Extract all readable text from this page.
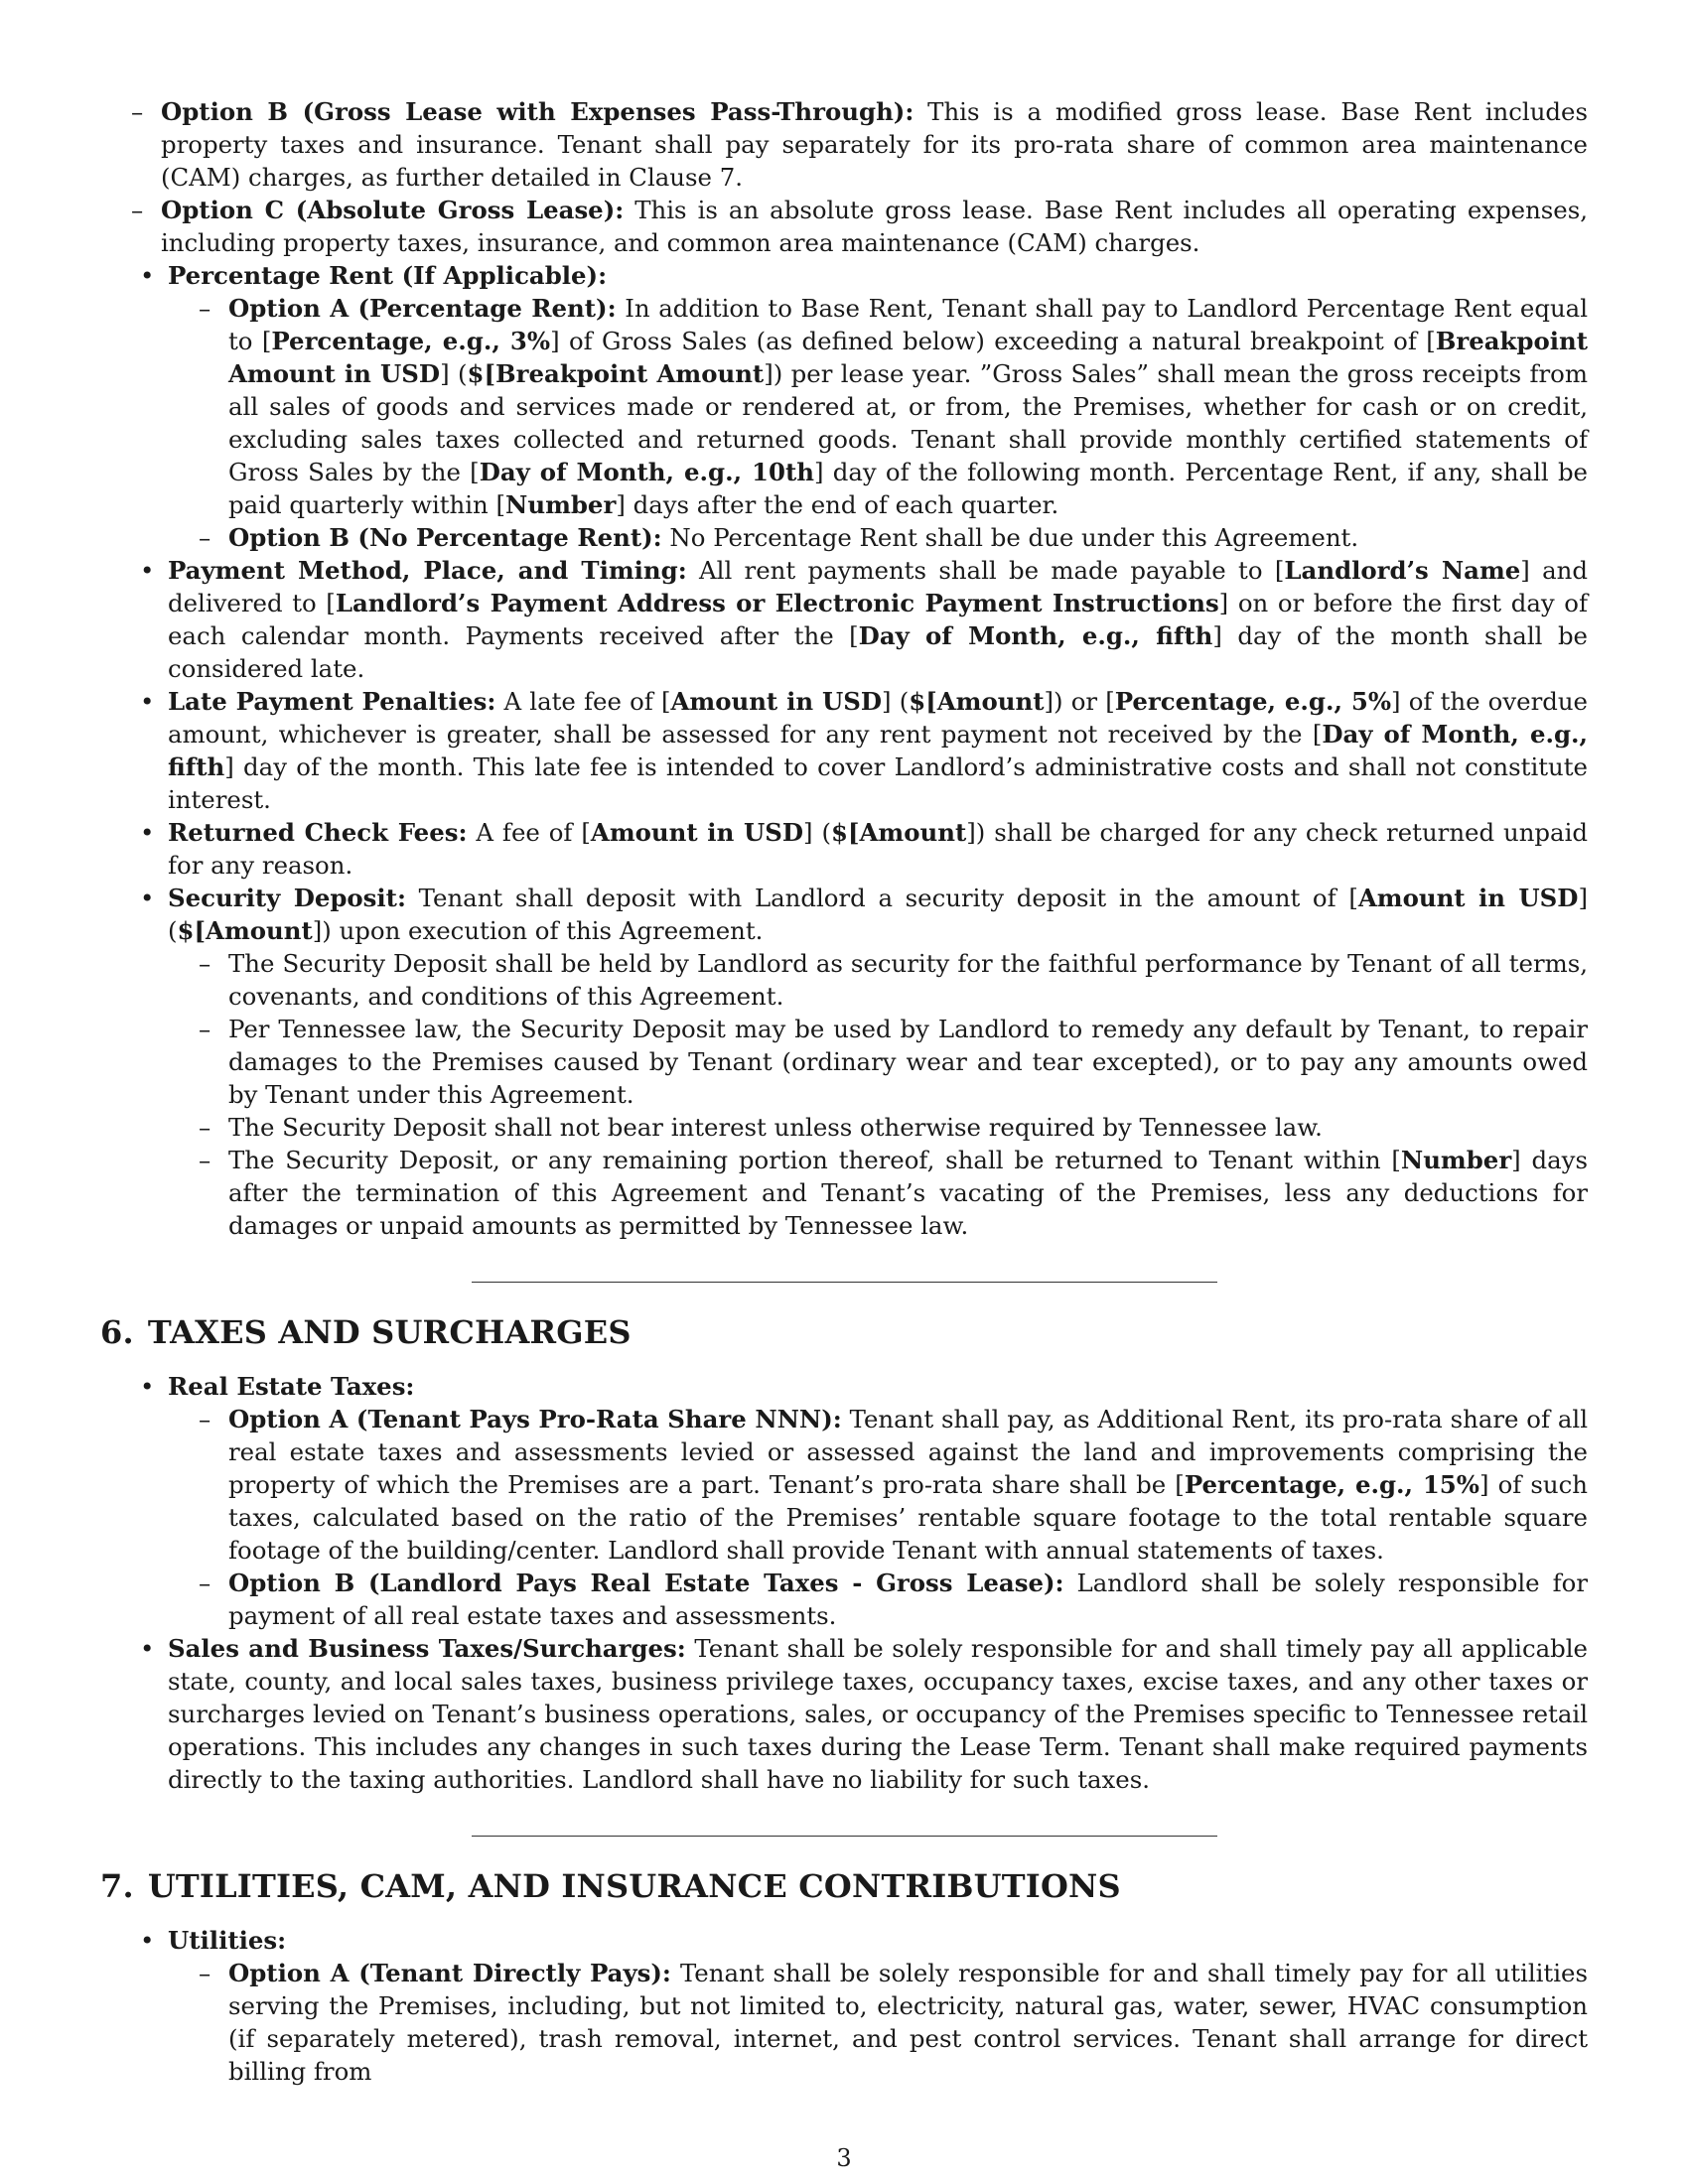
– Option B (Gross Lease with Expenses Pass-Through): This is a modified gross lease. Base Rent includes property taxes and insurance. Tenant shall pay separately for its pro-rata share of common area maintenance (CAM) charges, as further detailed in Clause 7.
– Option C (Absolute Gross Lease): This is an absolute gross lease. Base Rent includes all operating expenses, including property taxes, insurance, and common area maintenance (CAM) charges.
• Percentage Rent (If Applicable):
– Option A (Percentage Rent): In addition to Base Rent, Tenant shall pay to Landlord Percentage Rent equal to [Percentage, e.g., 3%] of Gross Sales (as defined below) exceeding a natural breakpoint of [Breakpoint Amount in USD] ($[Breakpoint Amount]) per lease year. ”Gross Sales” shall mean the gross receipts from all sales of goods and services made or rendered at, or from, the Premises, whether for cash or on credit, excluding sales taxes collected and returned goods. Tenant shall provide monthly certified statements of Gross Sales by the [Day of Month, e.g., 10th] day of the following month. Percentage Rent, if any, shall be paid quarterly within [Number] days after the end of each quarter.
– Option B (No Percentage Rent): No Percentage Rent shall be due under this Agreement.
• Payment Method, Place, and Timing: All rent payments shall be made payable to [Landlord’s Name] and delivered to [Landlord’s Payment Address or Electronic Payment Instructions] on or before the first day of each calendar month. Payments received after the [Day of Month, e.g., fifth] day of the month shall be considered late.
• Late Payment Penalties: A late fee of [Amount in USD] ($[Amount]) or [Percentage, e.g., 5%] of the overdue amount, whichever is greater, shall be assessed for any rent payment not received by the [Day of Month, e.g., fifth] day of the month. This late fee is intended to cover Landlord’s administrative costs and shall not constitute interest.
• Returned Check Fees: A fee of [Amount in USD] ($[Amount]) shall be charged for any check returned unpaid for any reason.
• Security Deposit: Tenant shall deposit with Landlord a security deposit in the amount of [Amount in USD] ($[Amount]) upon execution of this Agreement.
– The Security Deposit shall be held by Landlord as security for the faithful performance by Tenant of all terms, covenants, and conditions of this Agreement.
– Per Tennessee law, the Security Deposit may be used by Landlord to remedy any default by Tenant, to repair damages to the Premises caused by Tenant (ordinary wear and tear excepted), or to pay any amounts owed by Tenant under this Agreement.
– The Security Deposit shall not bear interest unless otherwise required by Tennessee law.
– The Security Deposit, or any remaining portion thereof, shall be returned to Tenant within [Number] days after the termination of this Agreement and Tenant’s vacating of the Premises, less any deductions for damages or unpaid amounts as permitted by Tennessee law.
6. TAXES AND SURCHARGES
• Real Estate Taxes:
– Option A (Tenant Pays Pro-Rata Share NNN): Tenant shall pay, as Additional Rent, its pro-rata share of all real estate taxes and assessments levied or assessed against the land and improvements comprising the property of which the Premises are a part. Tenant’s pro-rata share shall be [Percentage, e.g., 15%] of such taxes, calculated based on the ratio of the Premises’ rentable square footage to the total rentable square footage of the building/center. Landlord shall provide Tenant with annual statements of taxes.
– Option B (Landlord Pays Real Estate Taxes - Gross Lease): Landlord shall be solely responsible for payment of all real estate taxes and assessments.
• Sales and Business Taxes/Surcharges: Tenant shall be solely responsible for and shall timely pay all applicable state, county, and local sales taxes, business privilege taxes, occupancy taxes, excise taxes, and any other taxes or surcharges levied on Tenant’s business operations, sales, or occupancy of the Premises specific to Tennessee retail operations. This includes any changes in such taxes during the Lease Term. Tenant shall make required payments directly to the taxing authorities. Landlord shall have no liability for such taxes.
7. UTILITIES, CAM, AND INSURANCE CONTRIBUTIONS
• Utilities:
– Option A (Tenant Directly Pays): Tenant shall be solely responsible for and shall timely pay for all utilities serving the Premises, including, but not limited to, electricity, natural gas, water, sewer, HVAC consumption (if separately metered), trash removal, internet, and pest control services. Tenant shall arrange for direct billing from
3
